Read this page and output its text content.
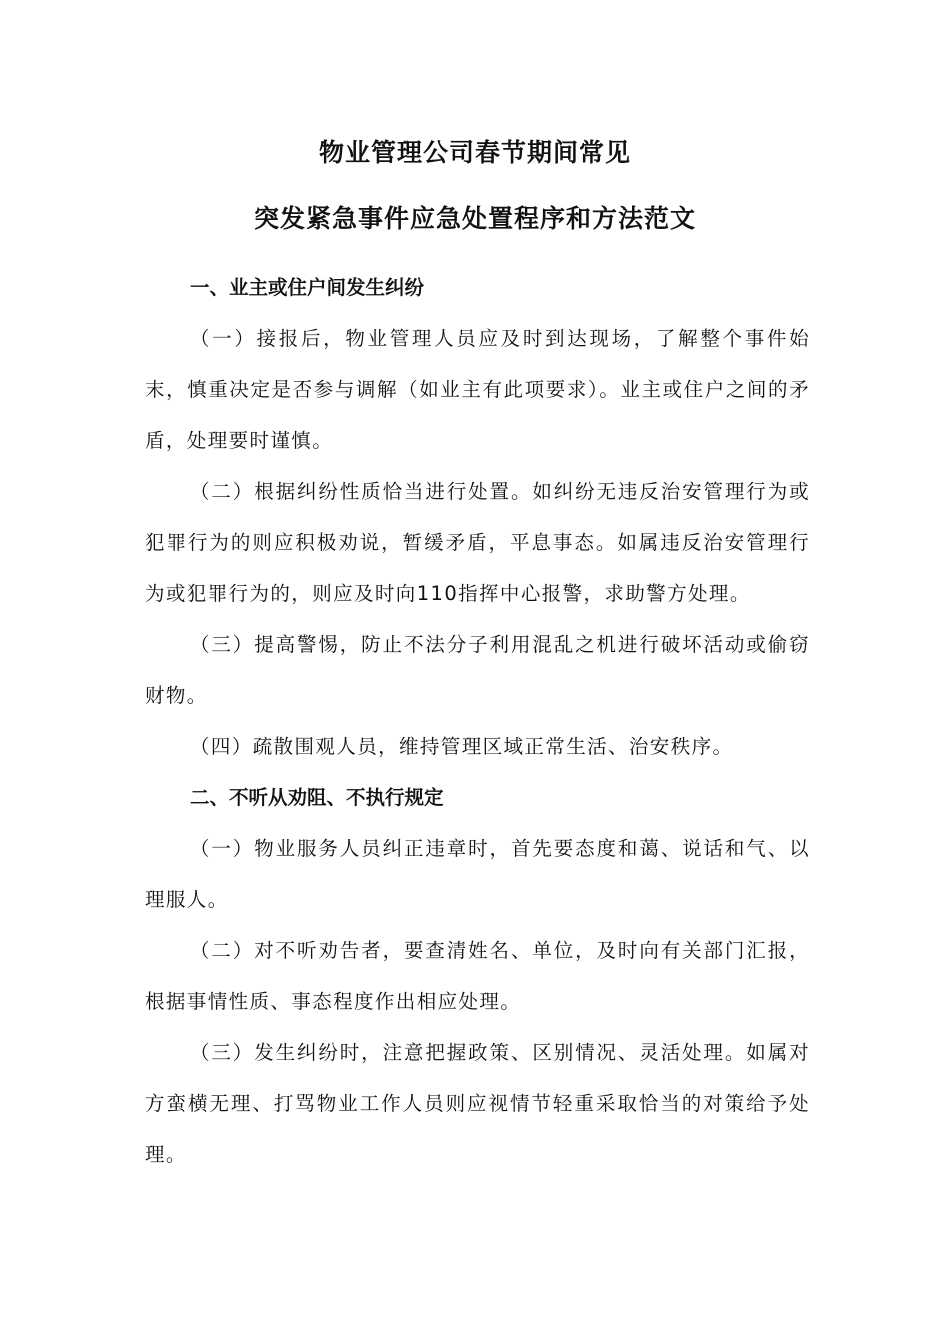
物业管理公司春节期间常见
突发紧急事件应急处置程序和方法范文

一、业主或住户间发生纠纷

（一）接报后，物业管理人员应及时到达现场，了解整个事件始末，慎重决定是否参与调解（如业主有此项要求）。业主或住户之间的矛盾，处理要时谨慎。

（二）根据纠纷性质恰当进行处置。如纠纷无违反治安管理行为或犯罪行为的则应积极劝说，暂缓矛盾，平息事态。如属违反治安管理行为或犯罪行为的，则应及时向110指挥中心报警，求助警方处理。

（三）提高警惕，防止不法分子利用混乱之机进行破坏活动或偷窃财物。

（四）疏散围观人员，维持管理区域正常生活、治安秩序。

二、不听从劝阻、不执行规定

（一）物业服务人员纠正违章时，首先要态度和蔼、说话和气、以理服人。

（二）对不听劝告者，要查清姓名、单位，及时向有关部门汇报，根据事情性质、事态程度作出相应处理。

（三）发生纠纷时，注意把握政策、区别情况、灵活处理。如属对方蛮横无理、打骂物业工作人员则应视情节轻重采取恰当的对策给予处理。
